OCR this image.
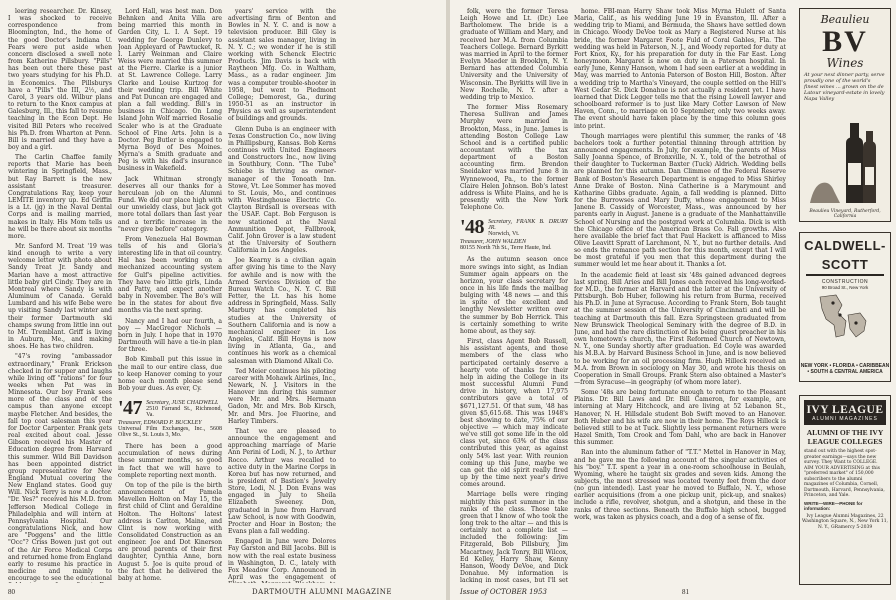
leering researcher. Dr. Kinsey, I was shocked to receive correspondence from Bloomington, Ind., the home of the good Doctor's Indiana U. Fears were put aside when concern disclosed a swell note from Katherine Pillsbury. "Pills" has been out there these past two years studying for his Ph.D. in Economics. The Pillsburys have a "Pills" the III, 2½, and Carol, 3 years old. Wilbur plans to return to the Knox campus at Galesburg, Ill., this fall to resume teaching in the Econ Dept. He visited Bill Peters who received his Ph.D. from Wharton at Penn. Bill is married and they have a boy and a girl.

The Carlin Chaffee family reports that Marie has been wintering in Springfield, Mass., but Ray Barrett is the new assistant treasurer. Congratulations Ray, keep your LEMITE inventory up. Ed Griffin is a Lt. (jg) in the Naval Dental Corps and is mailing married, makes in Italy. His Mom tells us he will be there about six months more.

Mr. Sanford M. Treat '19 was kind enough to write a very welcome letter with photo about Sandy Treat Jr. Sandy and Marian have a most attractive little baby girl Cindy. They are in Montreal where Sandy is with Aluminum of Canada. Gerald Lumbard and his wife Bebe were up visiting Sandy last winter and their former Dartmouth ski champs swung from little inn out to Mt. Tremblant. Griff is living in Auburn, Me., and making shoes. He has two children.

"47's roving "ambassador extraordinary," Frank Erickson checked in for supper and laughs while living off "rations" for four weeks when Pat was in Minnesota. Our boy Frank sees more of the class and of the campus than anyone except maybe Fletcher. And besides, the fall top coat salesman this year for Doctor Carpenter. Frank gets real excited about coal. Jesse Gibson received his Master of Education degree from Harvard this summer. Wild Bill Davidson has been appointed district group representative for New England Mutual covering the New England states. Good guy Will. Nick Terry is now a doctor. "Dr. Yes?" received his M.D. from Jefferson Medical College in Philadelphia and will intern at Pennsylvania Hospital. Our congratulations Nick, and how are "Poggens" and the little "Occ"? Criss Bowen just got out of the Air Force Medical Corps and returned home from England early to resume his practice in medicine and mainly to encourage to see the educational

Lord Hall, was best man. Don Behnken and Anita Villa are being married this month in Garden City, L. I. A Sept. 19 wedding for George Dunlevy to Joan Appleyard of Pawtucket, R. I. Larry Weinman and Claire Weiss were married this summer at the Pierre. Clarke is a junior at St. Lawrence College. Larry Clarke and Louise Kurtzog for their wedding trip. Bill White and Pat Duncan are engaged and plan a fall wedding. Bill's in business in Chicago. On Long Island John Wolf married Rosalie Scaler who is at the Graduate School of Fine Arts. John is a Doctor. Peg Butler is engaged to Myrna Boyd of Des Moines. Myrna's a Smith graduate and Peg is with his dad's insurance business in Wakefield.

Jack Whitman strongly deserves all our thanks for a herculean job on the Alumni Fund. We did our place high with our unwieldy class, but Jack got more total dollars than last year and a terrific increase in the "never give before" category.

From Venezuela Hal Bowman tells of his and Gloria's interesting life in that oil country. Hal has been working on a mechanized accounting system for Gulf's pipeline activities. They have two little girls, Linda and Patty, and expect another baby in November. The Bo's will be in the states for about five months via the next spring.

Nancy and I had our fourth, a boy — MacGregor Nichols — born in July. I hope that in 1970 Dartmouth will have a tie-in plan for three.

Bob Kimball put this issue in the mail to our entire class, due to keep Hanover coming to your home each month please send Bob your dues. As ever, Cy.

'47 Secretary, JUSE CHADWELL
2510 Farrand St., Richmond, Va.
Treasurer, EDWARD P. BUCKLEY
Universal Film Exchanges, Inc., 5608 Olive St., St. Louis 3, Mo.

There has been a good accumulation of news during these summer months, so good in fact that we will have to complete reporting next month.

On top of the pile is the birth announcement of Pamela Mavellen Holton on May 15, the first child of Clint and Geraldine Holton. The Holtons' latest address is Carlton, Maine, and Clint is now working with Consolidated Construction as an engineer. Joe and Dot Kinerson are proud parents of their first daughter, Cynthia Anne, born August 5. Joe is quite proud of the fact that he delivered the baby at home.

years' service with the advertising firm of Benton and Bowles in N. Y. C. and is now a television producer. Bill Gley is assistant sales manager, living in N. Y. C.; we wonder if he is still working with Schenck Electric Products. Jim Davis is back with Raytheon Mfg. Co. in Waltham, Mass., as a radar engineer. Jim was a computer trouble-shooter in 1958, but went to Piedmont College; Demorest, Ga., during 1950-51 as an instructor in Physics as well as superintendent of buildings and grounds.

Glenn Duba is an engineer with Texas Construction Co., now living in Phillipsburg, Kansas. Bob Kerns continues with United Engineers and Constructors Inc., now living in Southbury, Conn. "The Tube" Schiebe is thriving as owner-manager of the Tonoath Inn. Stowe, Vt. Lee Sommer has moved to St. Louis, Mo., and continues with Westinghouse Electric Co. Clayton Birdsall is overseas with the USAF. Capt. Bob Ferguson is now stationed at the Naval Ammunition Depot, Fallbrook, Calif. John Grover is a law student at the University of Southern California in Los Angeles.

Joe Kearny is a civilian again after giving his time to the Navy for awhile and is now with the Armed Services Division of the Bureau Watch Co., N. Y. C. Bill Fetter, the Lt. has his home address in Springfield, Mass. Sally Marbury has completed his studies at the University of Southern California and is now a mechanical engineer in Los Angeles, Calif. Bill Hoyns is now living in Atlanta, Ga., and continues his work as a chemical salesman with Diamond Alkali Co.

Ted Meier continues his piloting career with Mohawk Airlines, Inc., Newark, N. J. Visitors in the Hanover inn during this summer were Mr. and Mrs. Hermann Gadon, Mr. and Mrs. Bob Kirsch, Mr. and Mrs. Joe Fluorine, and Harley Timbers.

That we are pleased to announce the engagement and approaching marriage of Marie Ann Perini of Lodi, N. J., to Arthur Rocco. Arthur was recalled to active duty in the Marine Corps in Korea but has now returned, and is president of Bastien's Jewelry Store, Lodi, N. J. Don Evans was engaged in July to Sheila Elizabeth Sweeney. Don, graduated in June from Harvard Law School, is now with Goodwin, Procter and Hoar in Boston; the Evans plan a fall wedding.

Engaged in June were Dolores Fay Garston and Bill Jacobs. Bill is now with the real estate business in Washington, D. C., lately with Fox Meadow Corp. Announced in April was the engagement of

80	DARTMOUTH ALUMNI MAGAZINE

folk, were the former Teresa Leigh Howe and Lt. (Dr.) Lee Bartholomew. The bride is a graduate of William and Mary, and received her M.A. from Columbia Teachers College. Bernard Byrkitt was married in April to the former Evelyn Maeder in Brooklyn, N. Y. Bernard has attended Columbia University and the University of Wisconsin. The Byrkitts will live in New Rochelle, N. Y. after a wedding trip to Mexico.

The former Miss Rosemary Theresa Sullivan and James Murphy were married in Brookton, Mass., in June. James is attending Boston College Law School and is a certified public accountant with the tax department of a Boston accounting firm. Brendon Sneidaker was married June 8 in Wynnewood, Pa., to the former Claire Helen Johnson. Bob's latest address is White Plains, and he is presently with the New York Telephone Co.

'48 Secretary, FRANK B. DRURY JR.
Norwich, Vt.
Treasurer, JOHN WALDEN
80155 North 7th St., Terre Haute, Ind.

As the autumn season once more swings into sight, as Indian Summer again appears on the horizon, your class secretary for once in his life finds the mailbag bulging with '48 news — and this in spite of the excellent and lengthy Newsletter written over the summer by Bob Herrick. This is certainly something to write home about, as they say.

First, class Agent Bob Russell, his assistant agents, and those members of the class who participated certainly deserve a hearty vote of thanks for their help in aiding the College in its most successful Alumni Fund drive in history, when 17,975 contributors gave a total of $671,127.51. Of that sum, '48 has given $5,615.68. This was 1948's best showing to date, 75% of our objective — which may indicate we've still got some life in the old class yet, since 63% of the class contributed this year, as against only 54% last year. With reunion coming up this June, maybe we can get the old spirit really fired up by the time next year's drive comes around.

Marriage bells were ringing mightily this past summer in the ranks of the class. Those take green that I know of who took the long trek to the altar — and this is certainly not a complete list — included the following: Jim Fitzgerald, Bob Pillsbury, Jim Macartney, Jack Tonry, Bill Wilcox, Ed Kelley, Harry Shaw, Kenny Hanson, Woody DeVoe, and Dick Donahue. My information is lacking in most cases, but I'll set

home. FBI-man Harry Shaw took Miss Myrna Hulett of Santa Maria, Calif., as his wedding June 19 in Evanston, Ill. After a wedding trip to Miami, and Bermuda, the Shaws have settled down in Chicago. Woody DeVoe took as Mary a Registered Nurse at his bride, the former Margaret Foote Fuld of Coral Gables, Fla. The wedding was held in Paterson, N. J., and Woody reported for duty at Fort Knox, Ky., for his preparation for duty in the Far East. Long honeymoon. Margaret is now on duty in a Paterson hospital. In early June, Kenny Hanson, whom I had seen earlier at a wedding in May, was married to Antonia Paterson of Boston Hill, Boston. After a wedding trip to Martha's Vineyard, the couple settled on the Hill's West Cedar St. Dick Donahue is not actually a resident yet. I have learned that Dick Legger tells me that the rising Lowell lawyer and schoolboard reformer is to just like Mary Cotter Lawson of New Haven, Conn., to marriage on 10 September, only two weeks away. The event should have taken place by the time this column goes into print.

Though marriages were plentiful this summer, the ranks of '48 bachelors took a further potential thinning through attrition by announced engagements. In July, for example, the parents of Miss Sally Joanna Spence, of Bronxville, N. Y., told of the betrothal of their daughter to Tuckerman Baxter (Tuck) Aldrich. Wedding bells are planned for this autumn. Dan Climmee of the Federal Reserve Bank of Boston's Research Department is engaged to Miss Shirley Anne Drake of Boston. Nina Catherine is a Marymount and Katharine Gibbs graduate. Again, a fall wedding is planned. Ditto for the Burrowses and Mary Duffy, whose engagement to Miss Janene B. Cassidy of Worcester, Mass., was announced by her parents early in August. Janene is a graduate of the Manhattanville School of Nursing and the postgrad work at Columbia. Dick is with the Chicago office of the American Brass Co. Fall growths. Also here available the brief fact that Paul Hackett is affianced to Miss Olive Leavitt Spratt of Larchmont, N. Y., but no further details. And so ends the romance path section for this month, except that I will be most grateful if you men that this department during the summer would let me hear about it. Thanks a lot.

In the academic field at least six '48s gained advanced degrees last spring. Bill Aries and Bill Jones each received his long-worked-for M.D., the former at Harvard and the latter at the University of Pittsburgh. Bob Huber, following his return from Burma, received his Ph.D. in June at Syracuse. According to Frank Stern, Bob taught at the summer session of the University of Cincinnati and will be teaching at Dartmouth this fall. Ezra Springsteen graduated from New Brunswick Theological Seminary with the degree of B.D. in June, and had the rare distinction of his being guest preacher in his own hometown's church, the First Reformed Church of Newtown, N. Y., one Sunday shortly after graduation. Ed Coyle was awarded his M.B.A. by Harvard Business School in June, and is now believed to be working for an oil processing firm. Hugh Hilleck received an M.A. from Brown in sociology on May 30, and wrote his thesis on Cooperation in Small Groups. Frank Stern also obtained a Master's—from Syracuse—in geography (of whom more later).

Some '48s are being fortunate enough to return to the Pleasant Plains. Dr. Bill Laws and Dr. Bill Cameron, for example, are interning at Mary Hitchcock, and are living at 52 Lebanon St., Hanover, N. H. Hillsdale student Bob Swift moved to an Hanover. Both Huber and his wife are now in their home. The Roys Hilleck is believed still to be at Tuck. Slightly less permanent returners were Hazel Smith, Tom Crook and Tom Dahl, who are back in Hanover this summer.

Ran into the aluminum father of "T.T." Mettel in Hanover in May, and he gave me the following account of the singular activities of his "boy." T.T. spent a year in a one-room schoolhouse in Beulah, Wyoming, where he taught six grades and seven kids. Among the subjects, the most stressed was located twenty feet from the door (no gun intended). Last year he moved to Buffalo, N. Y., whose earlier acquisitions (from a one pickup unit, pick-up, and snakes) include a rifle, revolver, shotgun, and a shotgun, and these in the ranks of three sections. Beneath the Buffalo high school, bugged work, was taken as physics coach, and a dog of a sense of fix.

Beaulieu
BV
Wines
At your next dinner party, serve proudly one of the world's finest wines ... grown on the de Latour vineyard-estate in lovely Napa Valley
Beaulieu Vineyard, Rutherford, California
CALDWELL-
SCOTT
CONSTRUCTION
90 Broad St., New York
NEW YORK • FLORIDA • CARIBBEAN • SOUTH & CENTRAL AMERICA
IVY LEAGUE
ALUMNI MAGAZINES
ALUMNI OF THE IVY LEAGUE COLLEGES
stand out with the highest spot-greater earnings—says the new survey. They Want to COLLEGE. AIM YOUR ADVERTISING at this "preferred market" of 150,000 subscribers to the alumni magazines of Columbia, Cornell, Dartmouth, Harvard, Pennsylvania, Princeton, and Yale.
WRITE—WIRE—PHONE for information:
Ivy League Alumni Magazines, 22 Washington Square, N., New York 11, N. Y., GRamercy 5-2039
Issue of OCTOBER 1953	81
